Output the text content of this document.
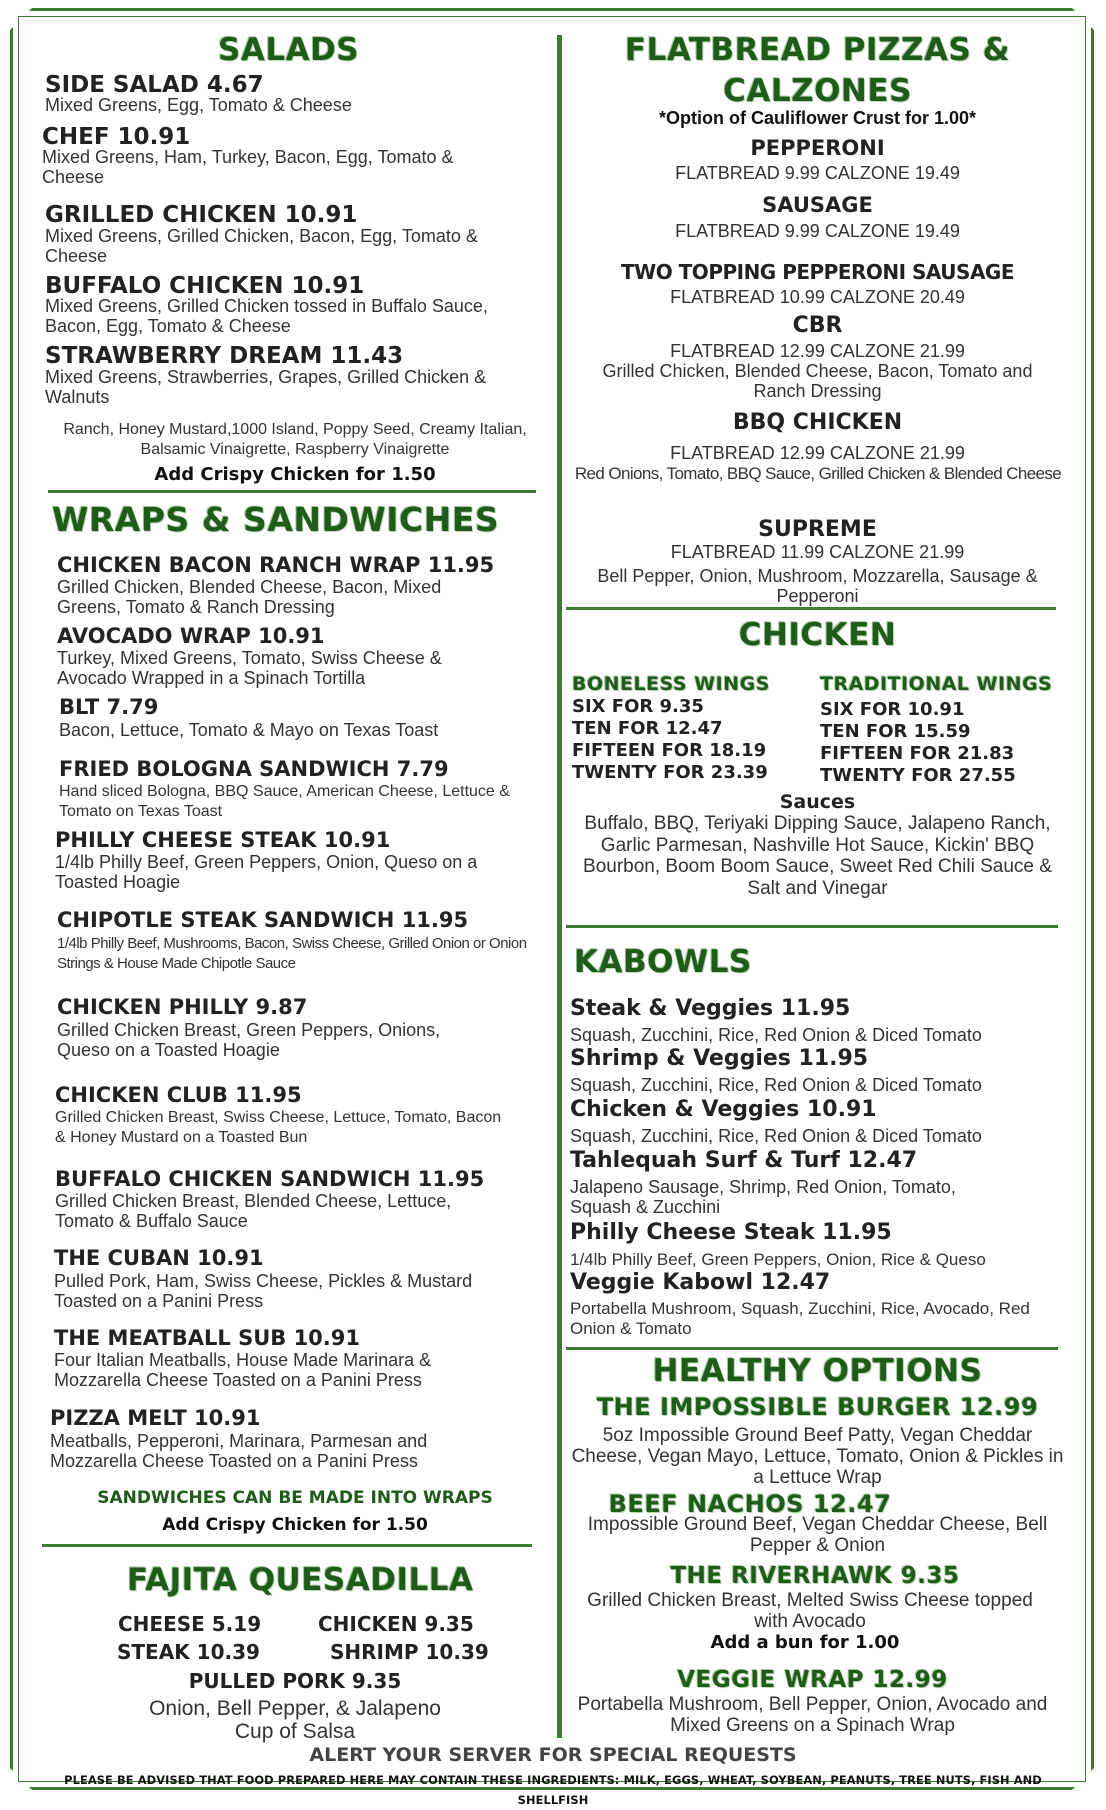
SALADS
SIDE SALAD 4.67
Mixed Greens, Egg, Tomato & Cheese
CHEF 10.91
Mixed Greens, Ham, Turkey, Bacon, Egg, Tomato & Cheese
GRILLED CHICKEN 10.91
Mixed Greens, Grilled Chicken, Bacon, Egg, Tomato & Cheese
BUFFALO CHICKEN 10.91
Mixed Greens, Grilled Chicken tossed in Buffalo Sauce, Bacon, Egg, Tomato & Cheese
STRAWBERRY DREAM 11.43
Mixed Greens, Strawberries, Grapes, Grilled Chicken & Walnuts
Ranch, Honey Mustard,1000 Island, Poppy Seed, Creamy Italian, Balsamic Vinaigrette, Raspberry Vinaigrette
Add Crispy Chicken for 1.50
WRAPS & SANDWICHES
CHICKEN BACON RANCH WRAP 11.95
Grilled Chicken, Blended Cheese, Bacon, Mixed Greens, Tomato & Ranch Dressing
AVOCADO WRAP 10.91
Turkey, Mixed Greens, Tomato, Swiss Cheese & Avocado Wrapped in a Spinach Tortilla
BLT 7.79
Bacon, Lettuce, Tomato & Mayo on Texas Toast
FRIED BOLOGNA SANDWICH 7.79
Hand sliced Bologna, BBQ Sauce, American Cheese, Lettuce & Tomato on Texas Toast
PHILLY CHEESE STEAK 10.91
1/4lb Philly Beef, Green Peppers, Onion, Queso on a Toasted Hoagie
CHIPOTLE STEAK SANDWICH 11.95
1/4lb Philly Beef, Mushrooms, Bacon, Swiss Cheese, Grilled Onion or Onion Strings & House Made Chipotle Sauce
CHICKEN PHILLY 9.87
Grilled Chicken Breast, Green Peppers, Onions, Queso on a Toasted Hoagie
CHICKEN CLUB 11.95
Grilled Chicken Breast, Swiss Cheese, Lettuce, Tomato, Bacon & Honey Mustard on a Toasted Bun
BUFFALO CHICKEN SANDWICH 11.95
Grilled Chicken Breast, Blended Cheese, Lettuce, Tomato & Buffalo Sauce
THE CUBAN 10.91
Pulled Pork, Ham, Swiss Cheese, Pickles & Mustard Toasted on a Panini Press
THE MEATBALL SUB 10.91
Four Italian Meatballs, House Made Marinara & Mozzarella Cheese Toasted on a Panini Press
PIZZA MELT 10.91
Meatballs, Pepperoni, Marinara, Parmesan and Mozzarella Cheese Toasted on a Panini Press
SANDWICHES CAN BE MADE INTO WRAPS
Add Crispy Chicken for 1.50
FAJITA QUESADILLA
CHEESE 5.19	CHICKEN 9.35
STEAK 10.39	SHRIMP 10.39
PULLED PORK 9.35
Onion, Bell Pepper, & Jalapeno
Cup of Salsa
FLATBREAD PIZZAS &
CALZONES
*Option of Cauliflower Crust for 1.00*
PEPPERONI
FLATBREAD 9.99 CALZONE 19.49
SAUSAGE
FLATBREAD 9.99 CALZONE 19.49
TWO TOPPING PEPPERONI SAUSAGE
FLATBREAD 10.99 CALZONE 20.49
CBR
FLATBREAD 12.99 CALZONE 21.99
Grilled Chicken, Blended Cheese, Bacon, Tomato and Ranch Dressing
BBQ CHICKEN
FLATBREAD 12.99 CALZONE 21.99
Red Onions, Tomato, BBQ Sauce, Grilled Chicken & Blended Cheese
SUPREME
FLATBREAD 11.99 CALZONE 21.99
Bell Pepper, Onion, Mushroom, Mozzarella, Sausage & Pepperoni
CHICKEN
BONELESS WINGS
SIX FOR 9.35
TEN FOR 12.47
FIFTEEN FOR 18.19
TWENTY FOR 23.39
TRADITIONAL WINGS
SIX FOR 10.91
TEN FOR 15.59
FIFTEEN FOR 21.83
TWENTY FOR 27.55
Sauces
Buffalo, BBQ, Teriyaki Dipping Sauce, Jalapeno Ranch, Garlic Parmesan, Nashville Hot Sauce, Kickin' BBQ Bourbon, Boom Boom Sauce, Sweet Red Chili Sauce & Salt and Vinegar
KABOWLS
Steak & Veggies 11.95
Squash, Zucchini, Rice, Red Onion & Diced Tomato
Shrimp & Veggies 11.95
Squash, Zucchini, Rice, Red Onion & Diced Tomato
Chicken & Veggies 10.91
Squash, Zucchini, Rice, Red Onion & Diced Tomato
Tahlequah Surf & Turf 12.47
Jalapeno Sausage, Shrimp, Red Onion, Tomato, Squash & Zucchini
Philly Cheese Steak 11.95
1/4lb Philly Beef, Green Peppers, Onion, Rice & Queso
Veggie Kabowl 12.47
Portabella Mushroom, Squash, Zucchini, Rice, Avocado, Red Onion & Tomato
HEALTHY OPTIONS
THE IMPOSSIBLE BURGER 12.99
5oz Impossible Ground Beef Patty, Vegan Cheddar Cheese, Vegan Mayo, Lettuce, Tomato, Onion & Pickles in a Lettuce Wrap
BEEF NACHOS 12.47
Impossible Ground Beef, Vegan Cheddar Cheese, Bell Pepper & Onion
THE RIVERHAWK 9.35
Grilled Chicken Breast, Melted Swiss Cheese topped with Avocado
Add a bun for 1.00
VEGGIE WRAP 12.99
Portabella Mushroom, Bell Pepper, Onion, Avocado and Mixed Greens on a Spinach Wrap
ALERT YOUR SERVER FOR SPECIAL REQUESTS
PLEASE BE ADVISED THAT FOOD PREPARED HERE MAY CONTAIN THESE INGREDIENTS: MILK, EGGS, WHEAT, SOYBEAN, PEANUTS, TREE NUTS, FISH AND SHELLFISH
